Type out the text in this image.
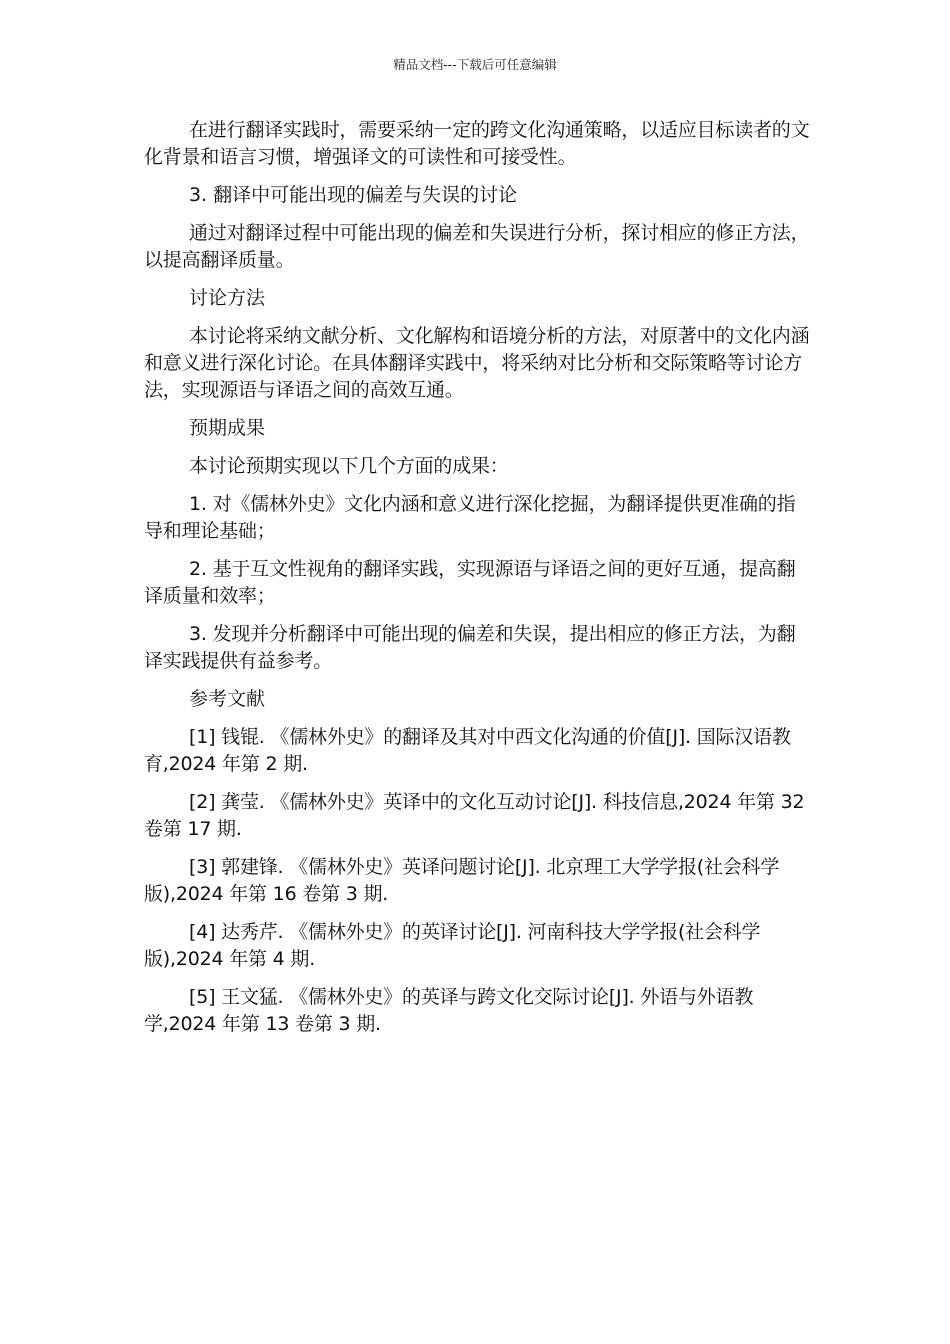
精品文档---下载后可任意编辑

在进行翻译实践时，需要采纳一定的跨文化沟通策略，以适应目标读者的文化背景和语言习惯，增强译文的可读性和可接受性。

3. 翻译中可能出现的偏差与失误的讨论

通过对翻译过程中可能出现的偏差和失误进行分析，探讨相应的修正方法，以提高翻译质量。

讨论方法

本讨论将采纳文献分析、文化解构和语境分析的方法，对原著中的文化内涵和意义进行深化讨论。在具体翻译实践中，将采纳对比分析和交际策略等讨论方法，实现源语与译语之间的高效互通。

预期成果

本讨论预期实现以下几个方面的成果：

1. 对《儒林外史》文化内涵和意义进行深化挖掘，为翻译提供更准确的指导和理论基础；

2. 基于互文性视角的翻译实践，实现源语与译语之间的更好互通，提高翻译质量和效率；

3. 发现并分析翻译中可能出现的偏差和失误，提出相应的修正方法，为翻译实践提供有益参考。

参考文献

[1] 钱锟. 《儒林外史》的翻译及其对中西文化沟通的价值[J]. 国际汉语教育,2024 年第 2 期.

[2] 龚莹. 《儒林外史》英译中的文化互动讨论[J]. 科技信息,2024 年第 32 卷第 17 期.

[3] 郭建锋. 《儒林外史》英译问题讨论[J]. 北京理工大学学报(社会科学版),2024 年第 16 卷第 3 期.

[4] 达秀芹. 《儒林外史》的英译讨论[J]. 河南科技大学学报(社会科学版),2024 年第 4 期.

[5] 王文猛. 《儒林外史》的英译与跨文化交际讨论[J]. 外语与外语教学,2024 年第 13 卷第 3 期.
